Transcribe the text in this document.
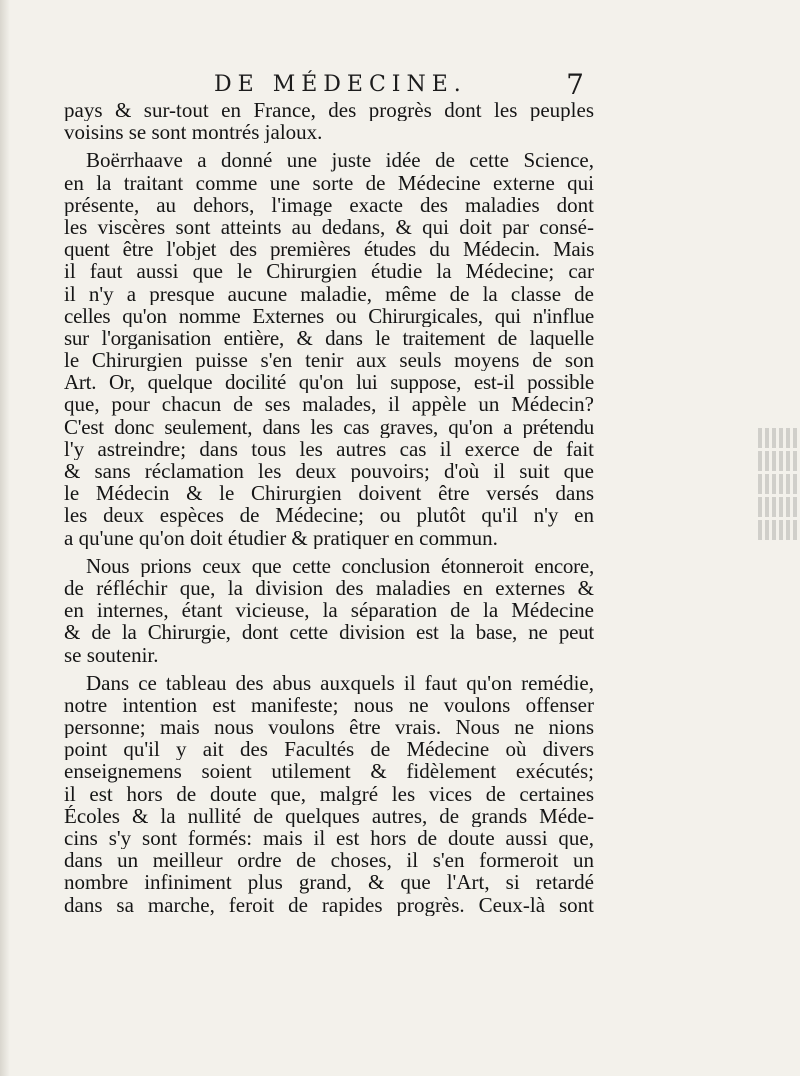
DE MÉDECINE.	7
pays & sur-tout en France, des progrès dont les peuples
voisins se sont montrés jaloux.
Boërrhaave a donné une juste idée de cette Science,
en la traitant comme une sorte de Médecine externe qui
présente, au dehors, l'image exacte des maladies dont
les viscères sont atteints au dedans, & qui doit par consé-
quent être l'objet des premières études du Médecin. Mais
il faut aussi que le Chirurgien étudie la Médecine; car
il n'y a presque aucune maladie, même de la classe de
celles qu'on nomme Externes ou Chirurgicales, qui n'influe
sur l'organisation entière, & dans le traitement de laquelle
le Chirurgien puisse s'en tenir aux seuls moyens de son
Art. Or, quelque docilité qu'on lui suppose, est-il possible
que, pour chacun de ses malades, il appèle un Médecin?
C'est donc seulement, dans les cas graves, qu'on a prétendu
l'y astreindre; dans tous les autres cas il exerce de fait
& sans réclamation les deux pouvoirs; d'où il suit que
le Médecin & le Chirurgien doivent être versés dans
les deux espèces de Médecine; ou plutôt qu'il n'y en
a qu'une qu'on doit étudier & pratiquer en commun.
Nous prions ceux que cette conclusion étonneroit encore,
de réfléchir que, la division des maladies en externes &
en internes, étant vicieuse, la séparation de la Médecine
& de la Chirurgie, dont cette division est la base, ne peut
se soutenir.
Dans ce tableau des abus auxquels il faut qu'on remédie,
notre intention est manifeste; nous ne voulons offenser
personne; mais nous voulons être vrais. Nous ne nions
point qu'il y ait des Facultés de Médecine où divers
enseignemens soient utilement & fidèlement exécutés;
il est hors de doute que, malgré les vices de certaines
Écoles & la nullité de quelques autres, de grands Méde-
cins s'y sont formés: mais il est hors de doute aussi que,
dans un meilleur ordre de choses, il s'en formeroit un
nombre infiniment plus grand, & que l'Art, si retardé
dans sa marche, feroit de rapides progrès. Ceux-là sont
